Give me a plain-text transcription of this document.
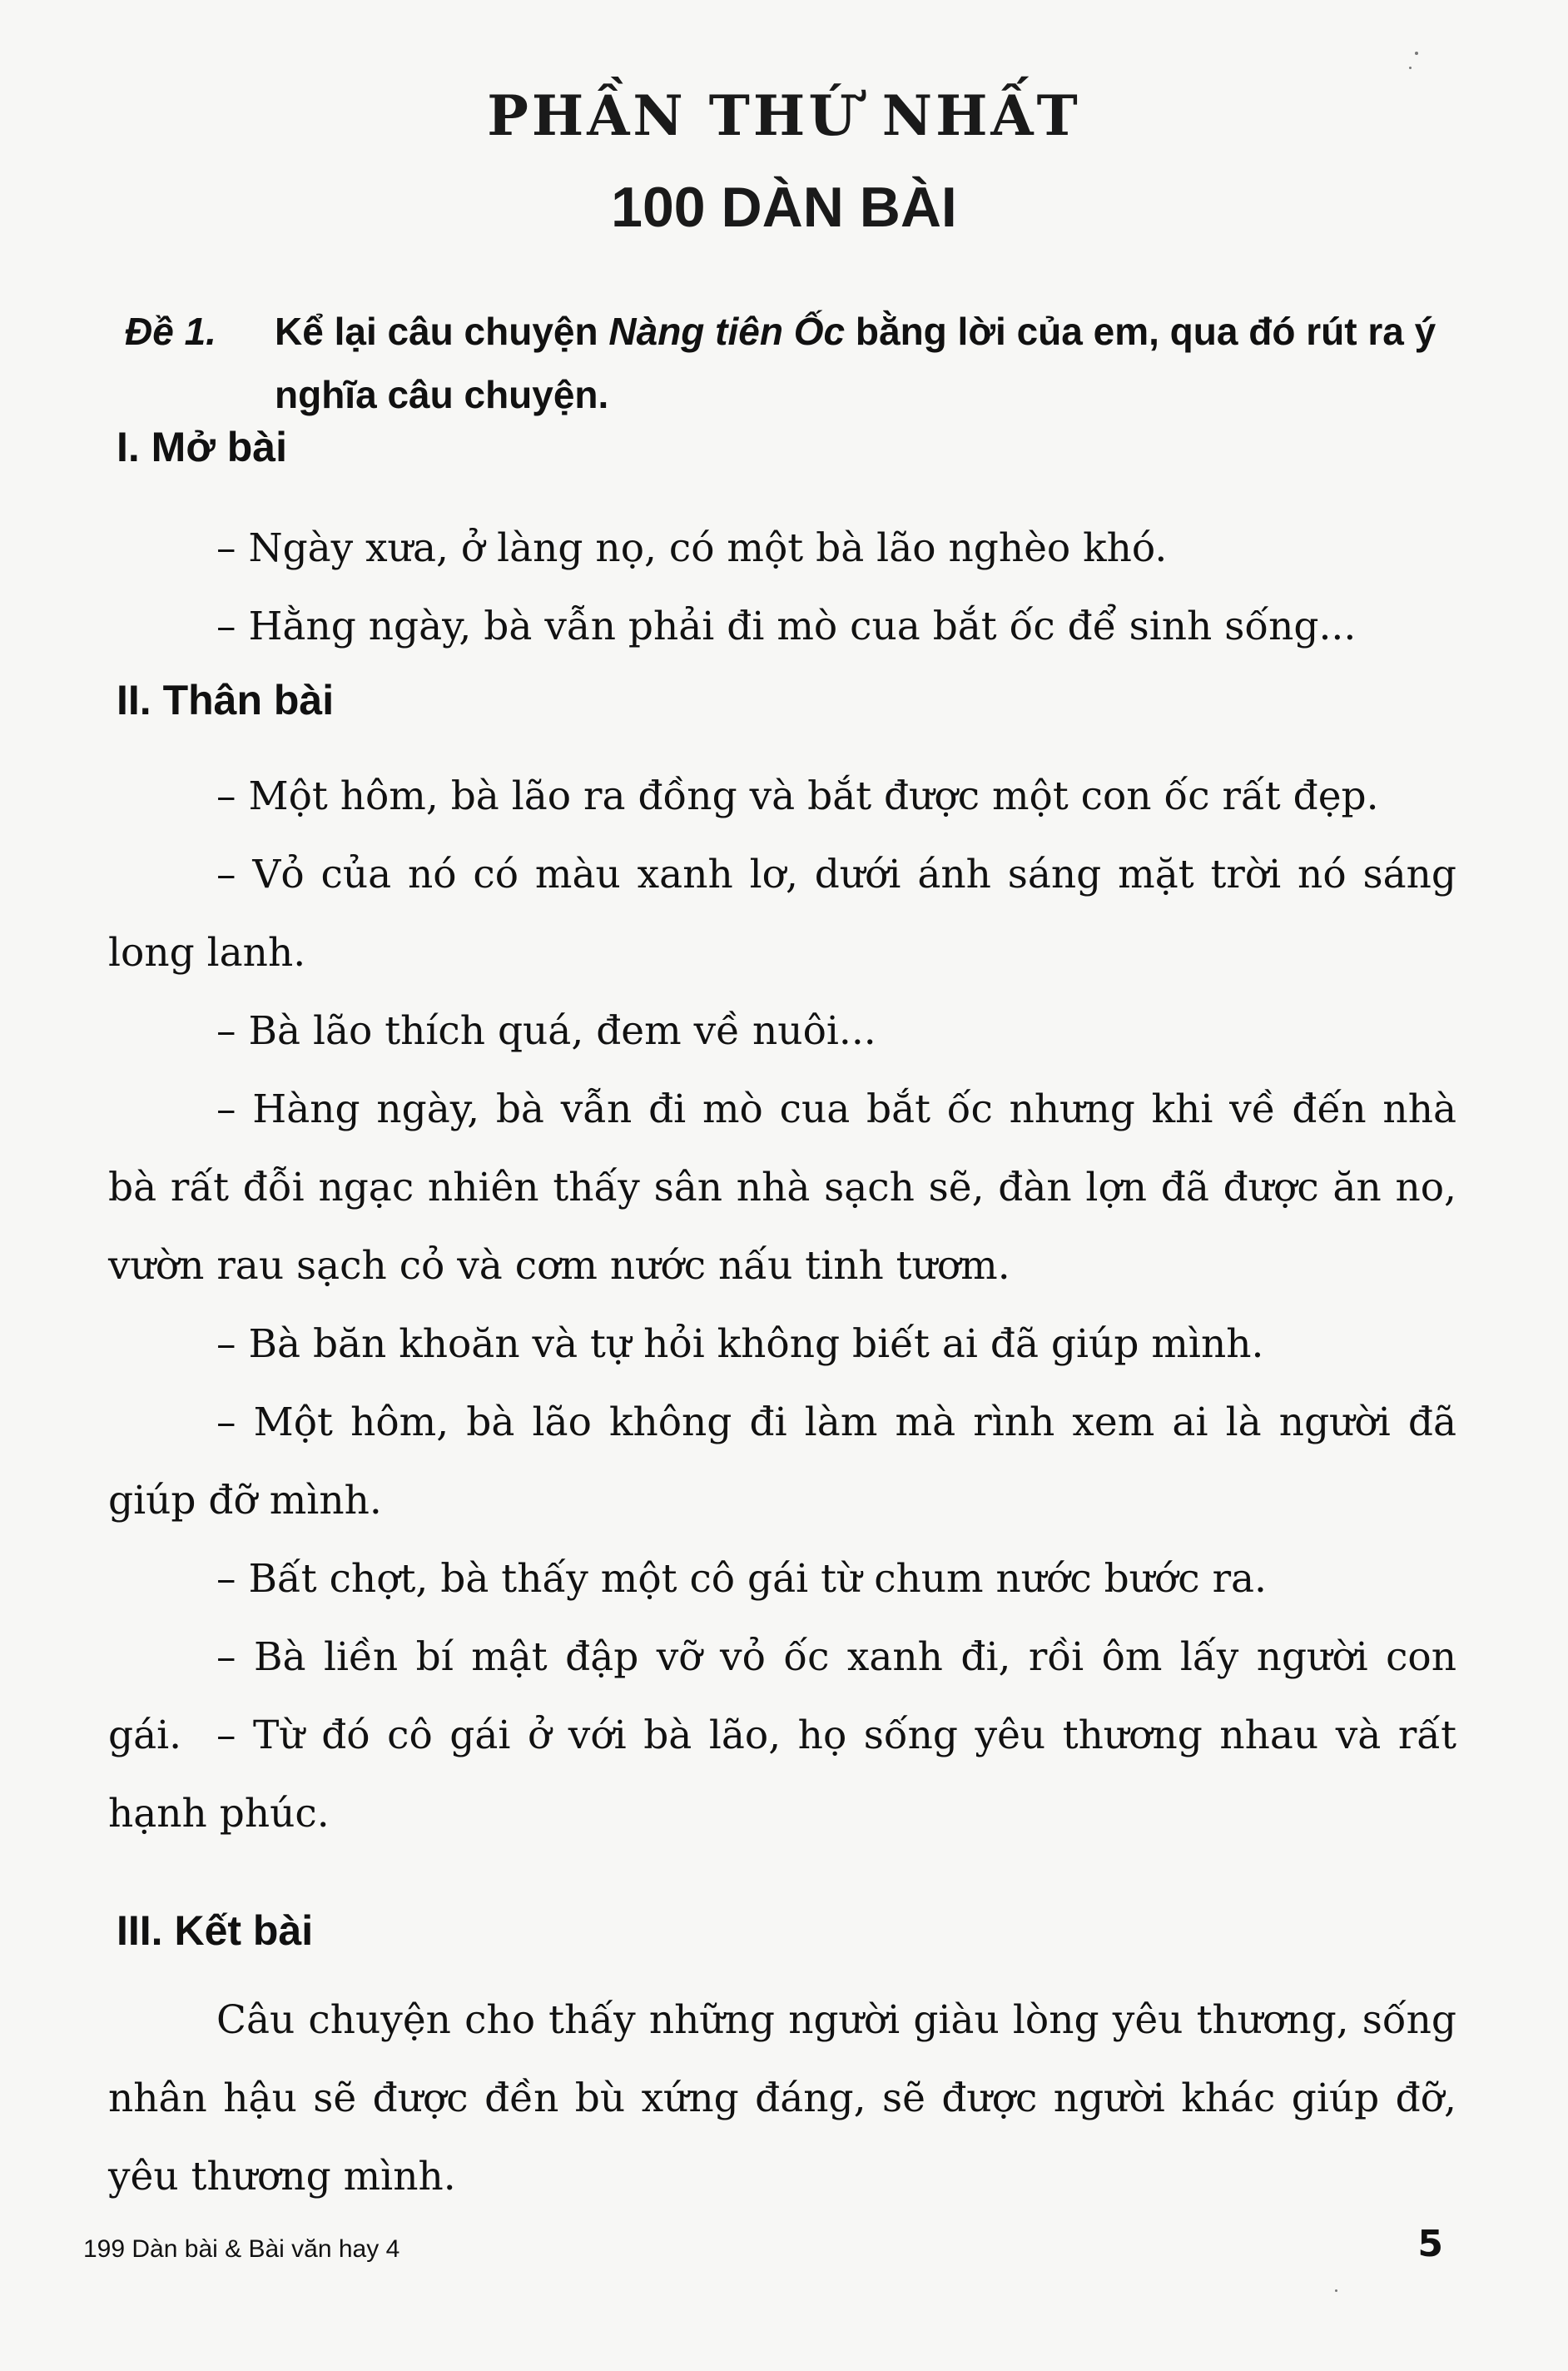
PHẦN THỨ NHẤT
100 DÀN BÀI
Đề 1. Kể lại câu chuyện Nàng tiên Ốc bằng lời của em, qua đó rút ra ý nghĩa câu chuyện.
I. Mở bài
– Ngày xưa, ở làng nọ, có một bà lão nghèo khó.
– Hằng ngày, bà vẫn phải đi mò cua bắt ốc để sinh sống...
II. Thân bài
– Một hôm, bà lão ra đồng và bắt được một con ốc rất đẹp.
– Vỏ của nó có màu xanh lơ, dưới ánh sáng mặt trời nó sáng long lanh.
– Bà lão thích quá, đem về nuôi...
– Hàng ngày, bà vẫn đi mò cua bắt ốc nhưng khi về đến nhà bà rất đỗi ngạc nhiên thấy sân nhà sạch sẽ, đàn lợn đã được ăn no, vườn rau sạch cỏ và cơm nước nấu tinh tươm.
– Bà băn khoăn và tự hỏi không biết ai đã giúp mình.
– Một hôm, bà lão không đi làm mà rình xem ai là người đã giúp đỡ mình.
– Bất chợt, bà thấy một cô gái từ chum nước bước ra.
– Bà liền bí mật đập vỡ vỏ ốc xanh đi, rồi ôm lấy người con gái. – Từ đó cô gái ở với bà lão, họ sống yêu thương nhau và rất hạnh phúc.
III. Kết bài
Câu chuyện cho thấy những người giàu lòng yêu thương, sống nhân hậu sẽ được đền bù xứng đáng, sẽ được người khác giúp đỡ, yêu thương mình.
199 Dàn bài & Bài văn hay 4	5
